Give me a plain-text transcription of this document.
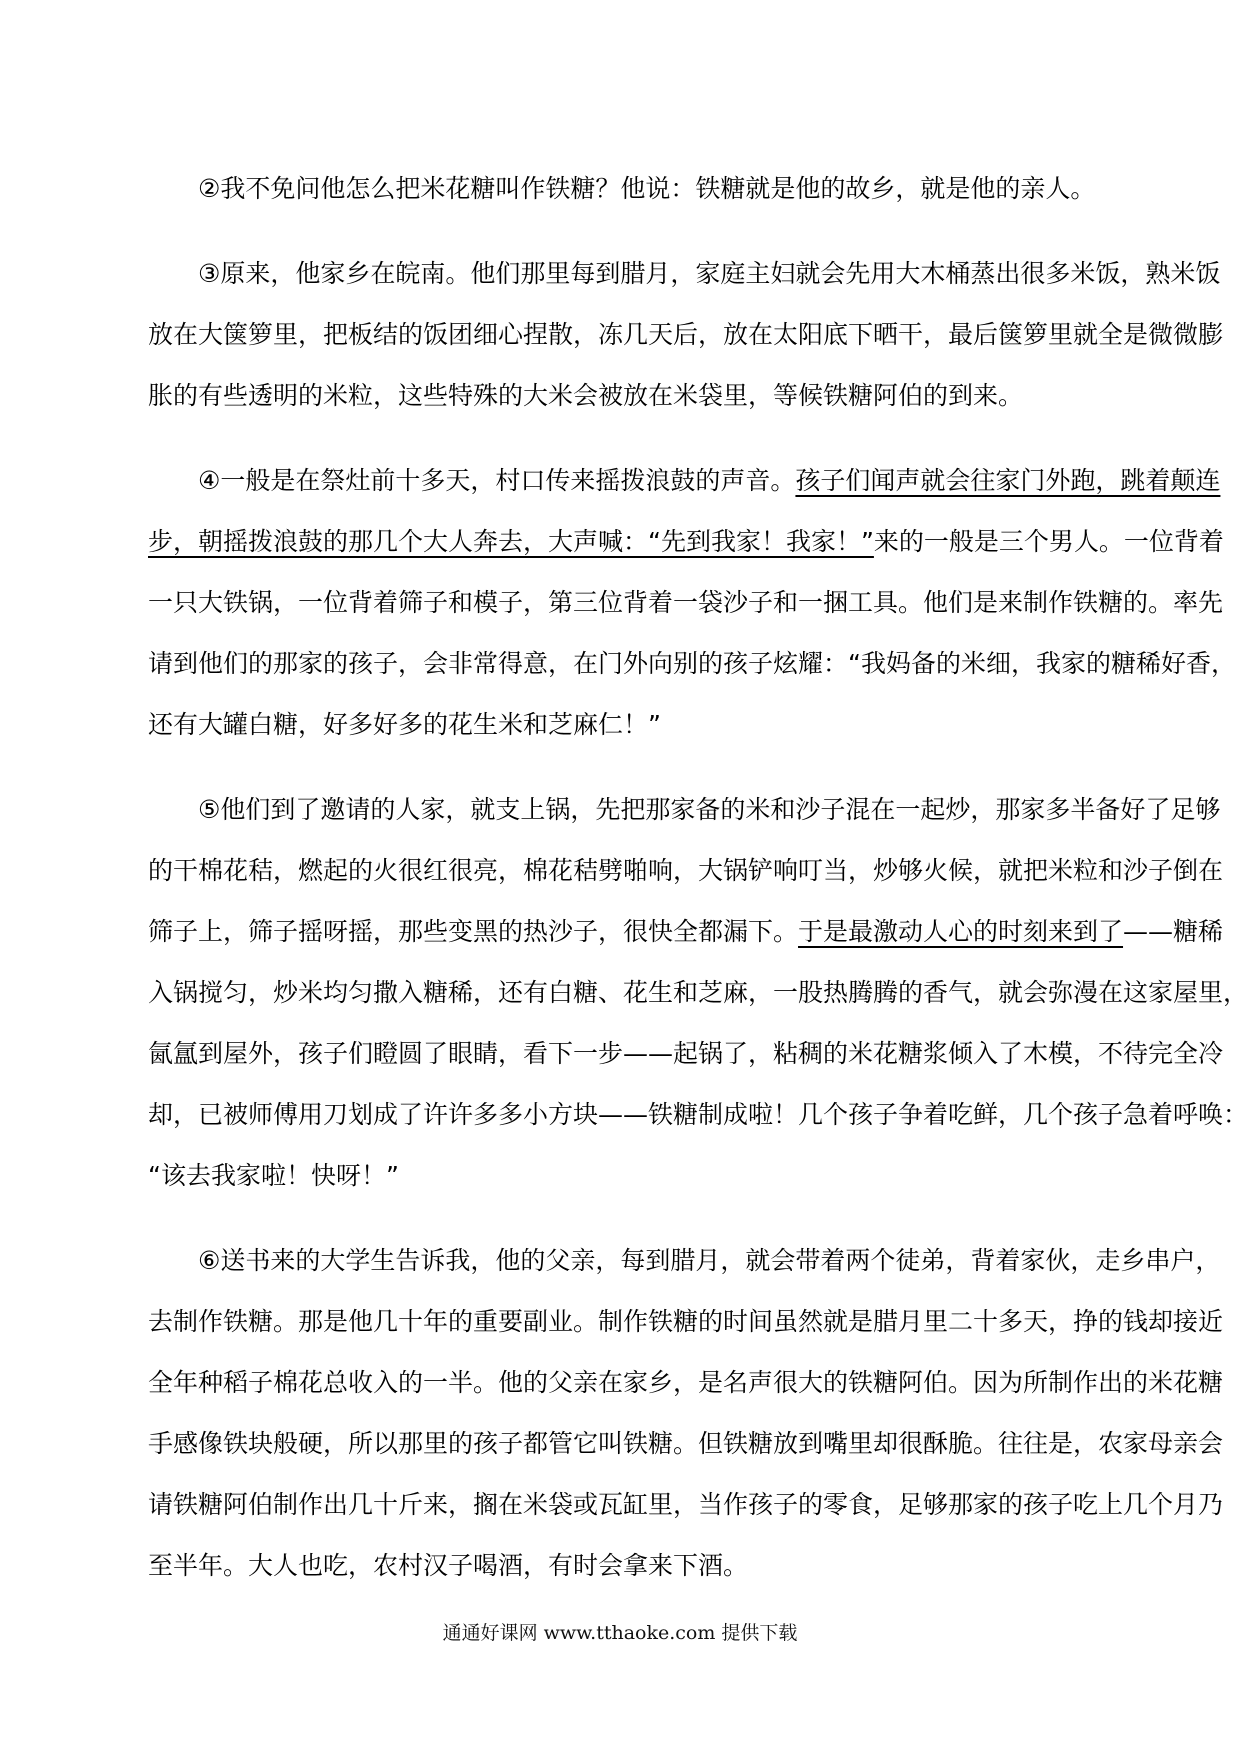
②我不免问他怎么把米花糖叫作铁糖？他说：铁糖就是他的故乡，就是他的亲人。
③原来，他家乡在皖南。他们那里每到腊月，家庭主妇就会先用大木桶蒸出很多米饭，熟米饭
放在大箧箩里，把板结的饭团细心捏散，冻几天后，放在太阳底下晒干，最后箧箩里就全是微微膨
胀的有些透明的米粒，这些特殊的大米会被放在米袋里，等候铁糖阿伯的到来。
④一般是在祭灶前十多天，村口传来摇拨浪鼓的声音。孩子们闻声就会往家门外跑，跳着颠连
步，朝摇拨浪鼓的那几个大人奔去，大声喊：“先到我家！我家！”来的一般是三个男人。一位背着
一只大铁锅，一位背着筛子和模子，第三位背着一袋沙子和一捆工具。他们是来制作铁糖的。率先
请到他们的那家的孩子，会非常得意，在门外向别的孩子炫耀：“我妈备的米细，我家的糖稀好香，
还有大罐白糖，好多好多的花生米和芝麻仁！”
⑤他们到了邀请的人家，就支上锅，先把那家备的米和沙子混在一起炒，那家多半备好了足够
的干棉花秸，燃起的火很红很亮，棉花秸劈啪响，大锅铲响叮当，炒够火候，就把米粒和沙子倒在
筛子上，筛子摇呀摇，那些变黑的热沙子，很快全都漏下。于是最激动人心的时刻来到了——糖稀
入锅搅匀，炒米均匀撒入糖稀，还有白糖、花生和芝麻，一股热腾腾的香气，就会弥漫在这家屋里，
氤氲到屋外，孩子们瞪圆了眼睛，看下一步——起锅了，粘稠的米花糖浆倾入了木模，不待完全冷
却，已被师傅用刀划成了许许多多小方块——铁糖制成啦！几个孩子争着吃鲜，几个孩子急着呼唤：
“该去我家啦！快呀！”
⑥送书来的大学生告诉我，他的父亲，每到腊月，就会带着两个徒弟，背着家伙，走乡串户，
去制作铁糖。那是他几十年的重要副业。制作铁糖的时间虽然就是腊月里二十多天，挣的钱却接近
全年种稻子棉花总收入的一半。他的父亲在家乡，是名声很大的铁糖阿伯。因为所制作出的米花糖
手感像铁块般硬，所以那里的孩子都管它叫铁糖。但铁糖放到嘴里却很酥脆。往往是，农家母亲会
请铁糖阿伯制作出几十斤来，搁在米袋或瓦缸里，当作孩子的零食，足够那家的孩子吃上几个月乃
至半年。大人也吃，农村汉子喝酒，有时会拿来下酒。
通通好课网 www.tthaoke.com 提供下载
